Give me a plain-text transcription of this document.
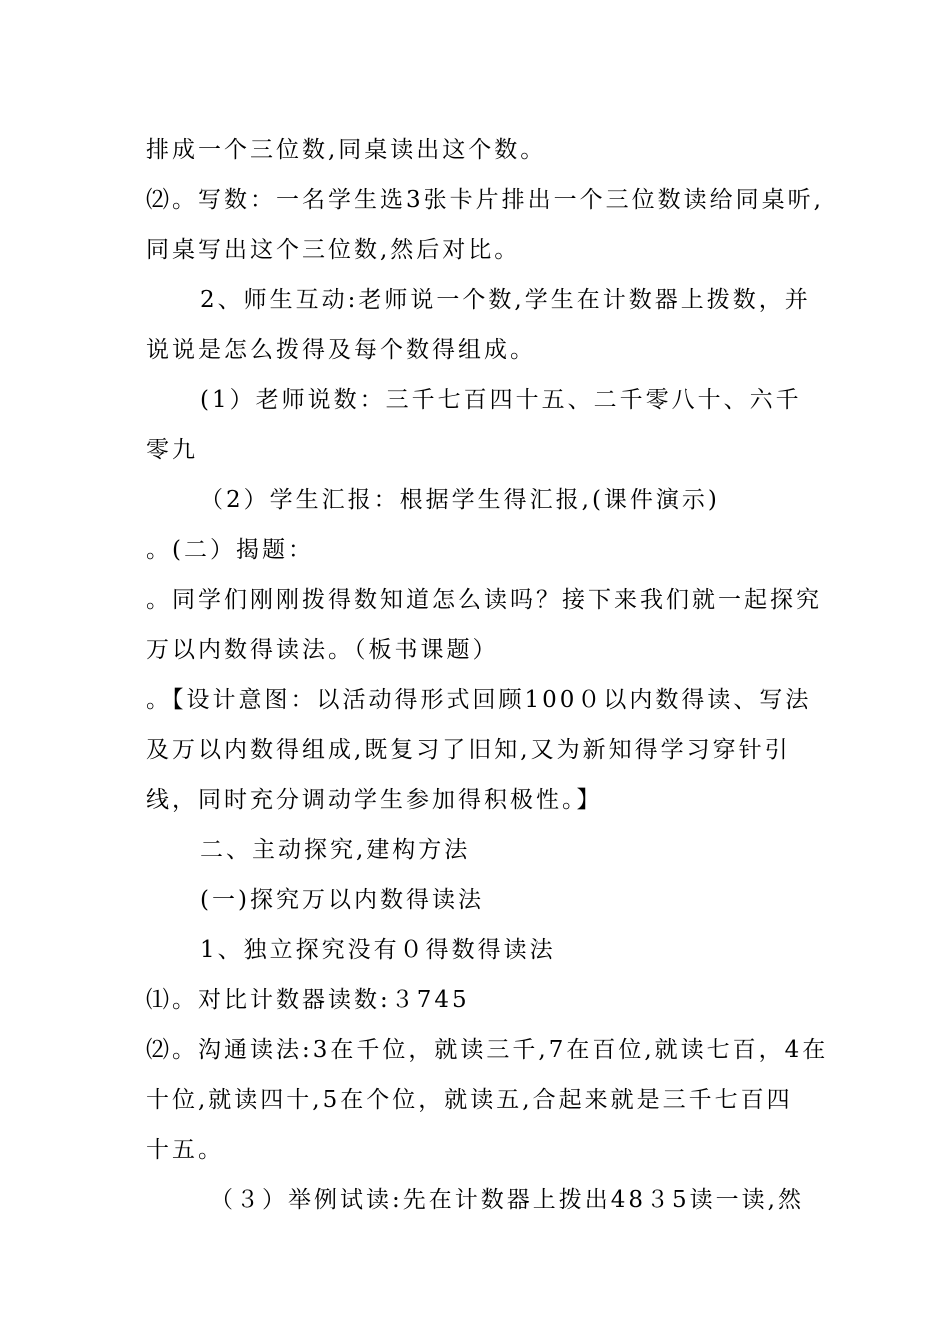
排成一个三位数,同桌读出这个数。
⑵。写数：一名学生选3张卡片排出一个三位数读给同桌听,
同桌写出这个三位数,然后对比。
2、师生互动:老师说一个数,学生在计数器上拨数，并
说说是怎么拨得及每个数得组成。
(1）老师说数：三千七百四十五、二千零八十、六千
零九
（2）学生汇报：根据学生得汇报,(课件演示)
。(二）揭题：
。同学们刚刚拨得数知道怎么读吗？接下来我们就一起探究
万以内数得读法。（板书课题）
。【设计意图：以活动得形式回顾100０以内数得读、写法
及万以内数得组成,既复习了旧知,又为新知得学习穿针引
线，同时充分调动学生参加得积极性。】
二、主动探究,建构方法
(一)探究万以内数得读法
1、独立探究没有０得数得读法
⑴。对比计数器读数:３745
⑵。沟通读法:3在千位，就读三千,7在百位,就读七百，4在
十位,就读四十,5在个位，就读五,合起来就是三千七百四
十五。
（３）举例试读:先在计数器上拨出48３5读一读,然
